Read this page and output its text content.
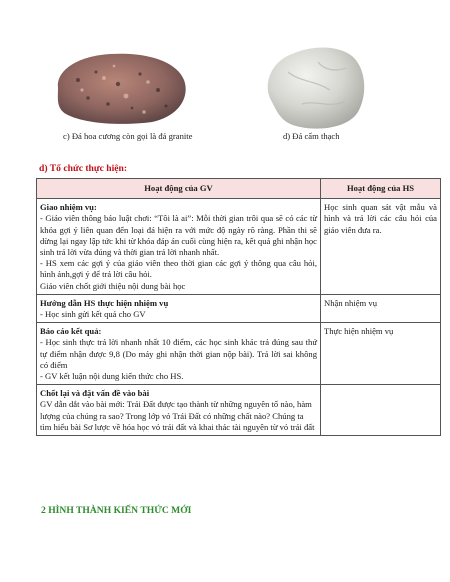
c) Đá hoa cương còn gọi là đá granite	d) Đá cẩm thạch
d) Tổ chức thực hiện:
Hoạt động của GV	Hoạt động của HS

Giao nhiệm vụ:
- Giáo viên thông báo luật chơi: “Tôi là ai”: Mỗi thời gian trôi qua sẽ có các từ khóa gợi ý liên quan đến loại đá hiện ra với mức độ ngày rõ ràng. Phần thi sẽ dừng lại ngay lập tức khi từ khóa đáp án cuối cùng hiện ra, kết quả ghi nhận học sinh trả lời vừa đúng và thời gian trả lời nhanh nhất.
- HS xem các gợi ý của giáo viên theo thời gian các gợi ý thông qua câu hỏi, hình ảnh,gợi ý để trả lời câu hỏi.
Giáo viên chốt giới thiệu nội dung bài học	Học sinh quan sát vật mẫu và hình và trả lời các câu hỏi của giáo viên đưa ra.

Hướng dẫn HS thực hiện nhiệm vụ
- Học sinh gửi kết quả cho GV	Nhận nhiệm vụ

Báo cáo kết quả:
- Học sinh thực trả lời nhanh nhất 10 điểm, các học sinh khác trả đúng sau thứ tự điểm nhận được 9,8 (Do máy ghi nhận thời gian nộp bài). Trả lời sai không có điểm
- GV kết luận nội dung kiến thức cho HS.	Thực hiện nhiệm vụ

Chốt lại và đặt vấn đề vào bài
GV dẫn dắt vào bài mới: Trái Đất được tạo thành từ những nguyên tố nào, hàm lượng của chúng ra sao? Trong lớp vỏ Trái Đất có những chất nào? Chúng ta tìm hiểu bài Sơ lược về hóa học vỏ trái đất và khai thác tài nguyên từ vỏ trái đất	

2 HÌNH THÀNH KIẾN THỨC MỚI
